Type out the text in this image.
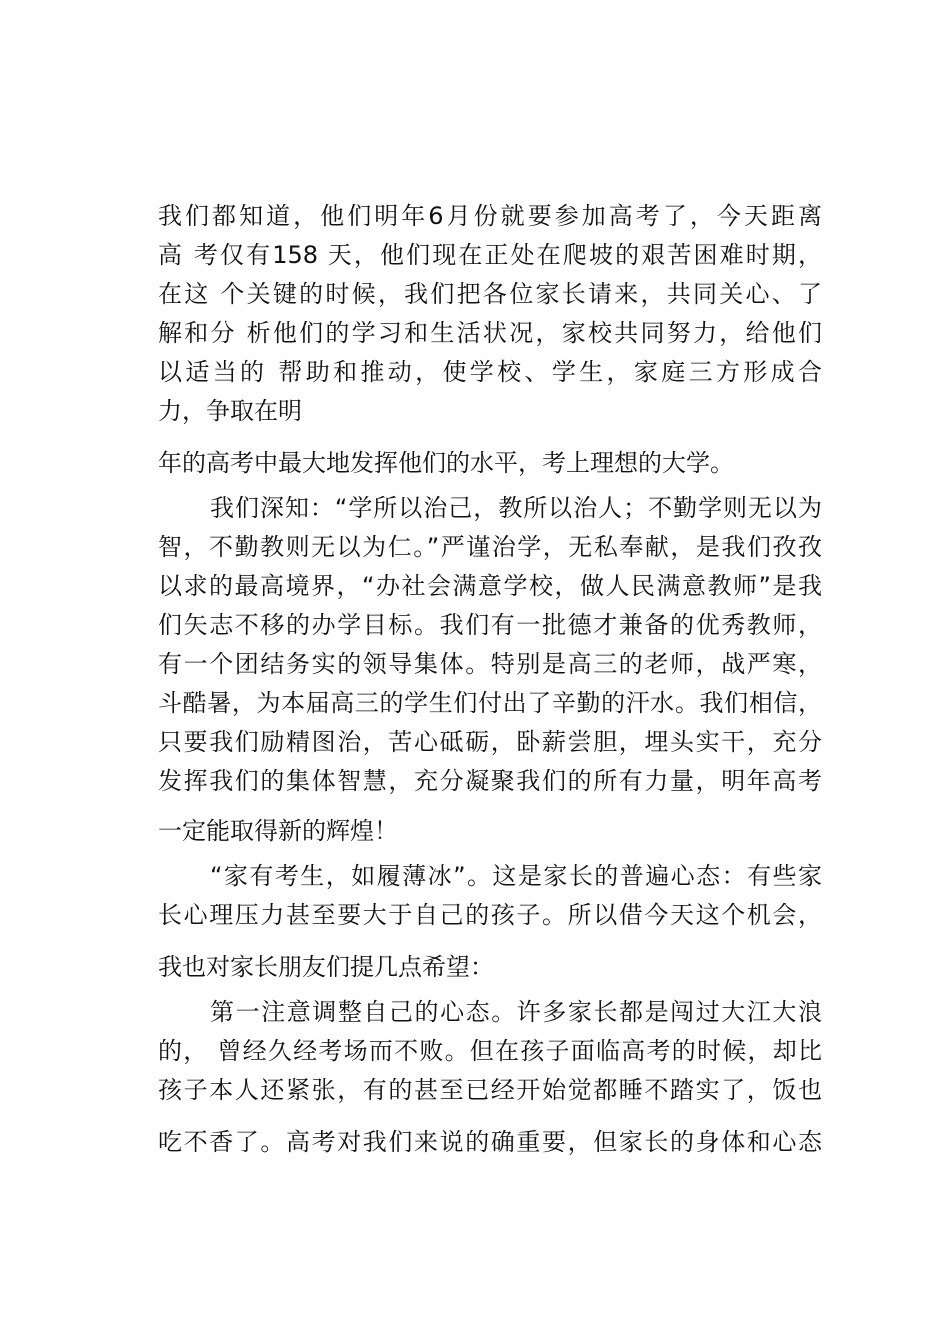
我们都知道，他们明年6月份就要参加高考了，今天距离
高 考仅有158 天，他们现在正处在爬坡的艰苦困难时期，
在这 个关键的时候，我们把各位家长请来，共同关心、了
解和分 析他们的学习和生活状况，家校共同努力，给他们
以适当的 帮助和推动，使学校、学生，家庭三方形成合
力，争取在明
年的高考中最大地发挥他们的水平，考上理想的大学。
我们深知：“学所以治己，教所以治人；不勤学则无以为
智，不勤教则无以为仁。”严谨治学，无私奉献，是我们孜孜
以求的最高境界，“办社会满意学校，做人民满意教师”是我
们矢志不移的办学目标。我们有一批德才兼备的优秀教师，
有一个团结务实的领导集体。特别是高三的老师，战严寒，
斗酷暑，为本届高三的学生们付出了辛勤的汗水。我们相信，
只要我们励精图治，苦心砥砺，卧薪尝胆，埋头实干，充分
发挥我们的集体智慧，充分凝聚我们的所有力量，明年高考
一定能取得新的辉煌！
“家有考生，如履薄冰”。这是家长的普遍心态：有些家
长心理压力甚至要大于自己的孩子。所以借今天这个机会，
我也对家长朋友们提几点希望：
第一注意调整自己的心态。许多家长都是闯过大江大浪
的， 曾经久经考场而不败。但在孩子面临高考的时候，却比
孩子本人还紧张，有的甚至已经开始觉都睡不踏实了，饭也
吃不香了。高考对我们来说的确重要，但家长的身体和心态
